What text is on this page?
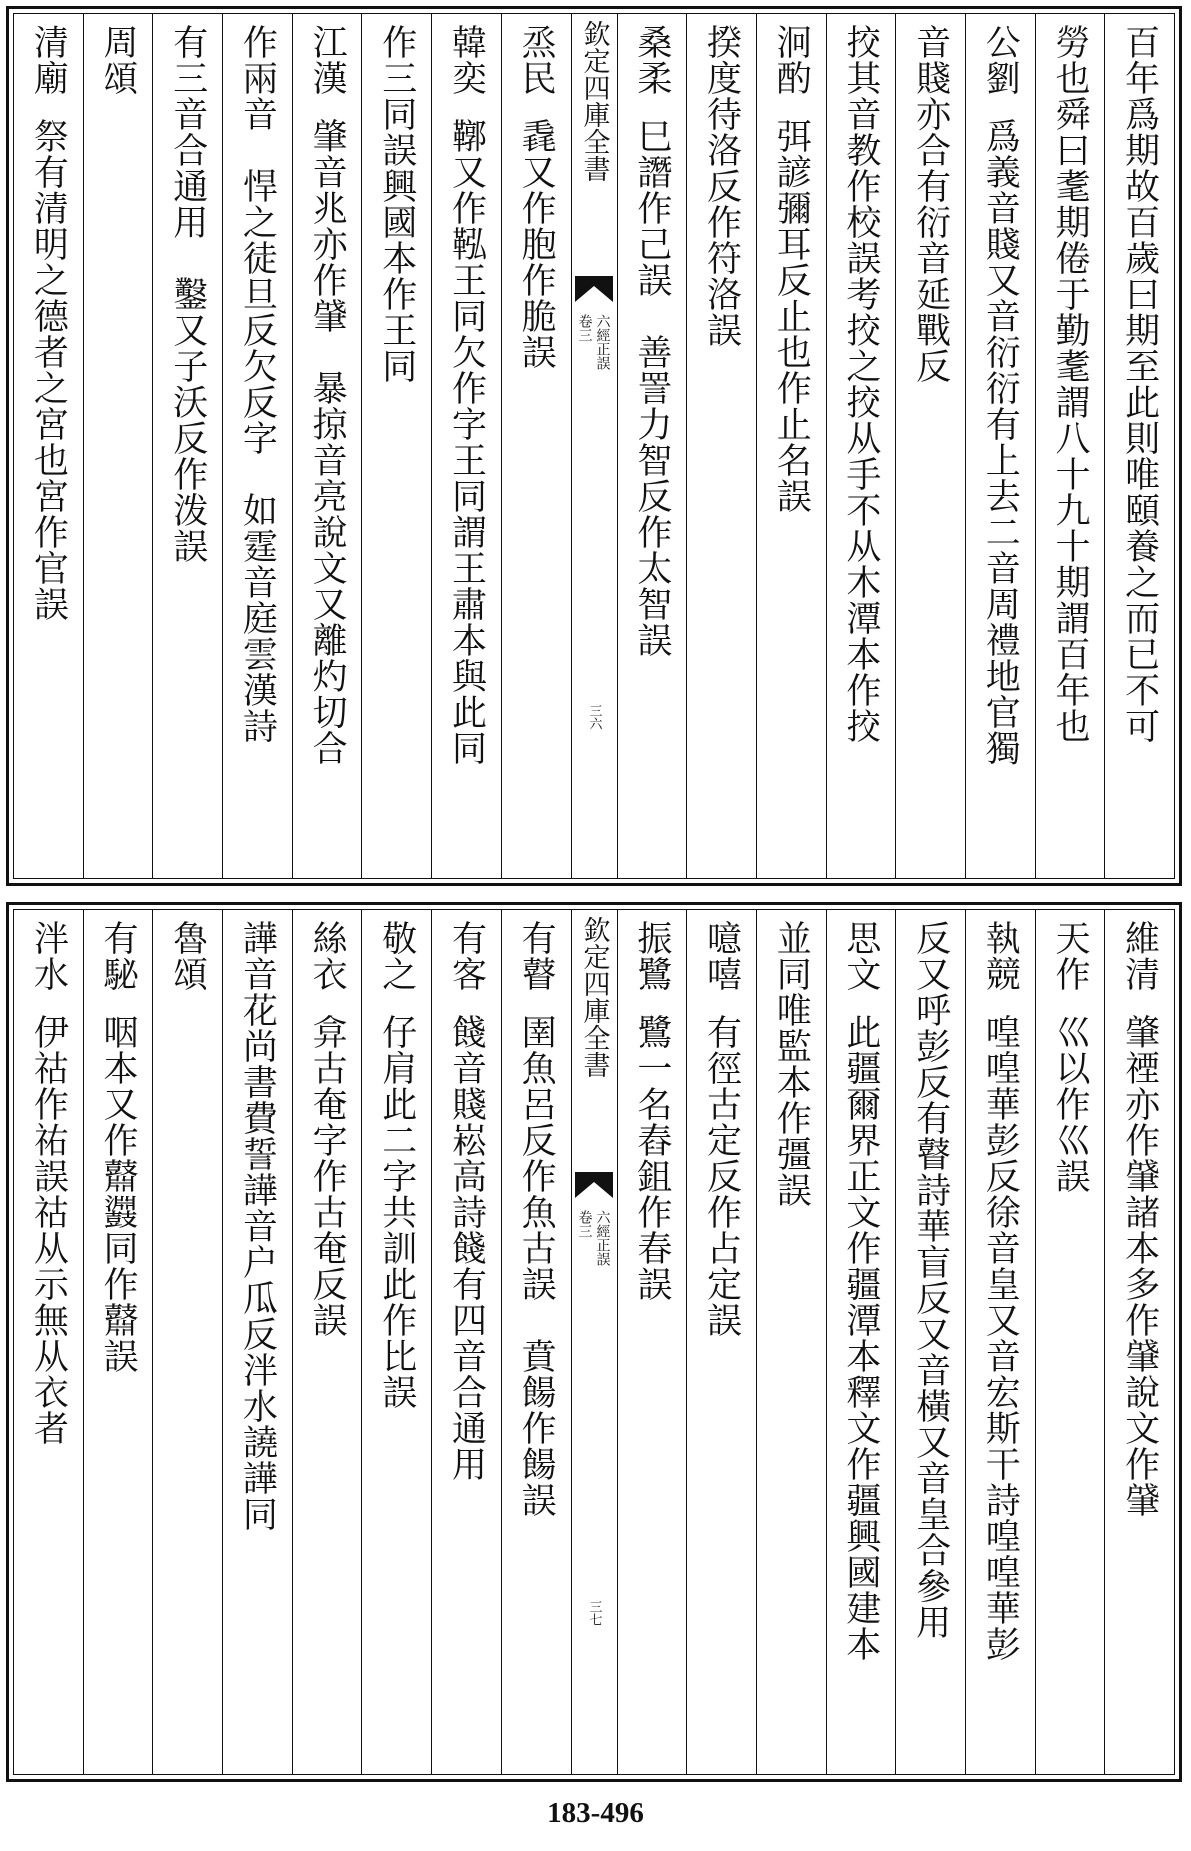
百年爲期故百歲曰期至此則唯頤養之而已不可
勞也舜曰耄期倦于勤耄謂八十九十期謂百年也
公劉爲義音賤又音衍衍有上去二音周禮地官獨
音賤亦合有衍音延戰反
挍其音教作校誤考挍之挍从手不从木潭本作挍
泂酌弭諺彌耳反止也作止名誤
揆度待洛反作符洛誤
桑柔巳譖作己誤　善詈力智反作太智誤
欽定四庫全書
六經正誤
卷三
三六
烝民毳又作胞作脆誤
韓奕鞹又作鞃王同欠作字王同謂王肅本與此同
作三同誤興國本作王同
江漢肇音兆亦作肈　暴掠音亮說文又離灼切合
作兩音　悍之徒旦反欠反字　如霆音庭雲漢詩
有三音合通用　鑿又子沃反作泼誤
周頌
清廟祭有清明之德者之宮也宮作官誤
維清肇禋亦作肈諸本多作肈說文作肈
天作巛以作巛誤
執競喤喤華彭反徐音皇又音宏斯干詩喤喤華彭
反又呼彭反有瞽詩華盲反又音橫又音皇合參用
思文此疆爾界正文作疆潭本釋文作疆興國建本
並同唯監本作彊誤
噫嘻有徑古定反作占定誤
振鷺鷺一名舂鉏作春誤
欽定四庫全書
六經正誤
卷三
三七
有瞽圉魚呂反作魚古誤　賁餳作餳誤
有客餞音賤崧高詩餞有四音合通用
敬之仔肩此二字共訓此作比誤
絲衣弇古奄字作古奄反誤
譁音花尚書費誓譁音户瓜反泮水譊譁同
魯頌
有駜咽本又作鼘鼝同作鼘誤
泮水伊祜作祐誤祜从示無从衣者
183-496
